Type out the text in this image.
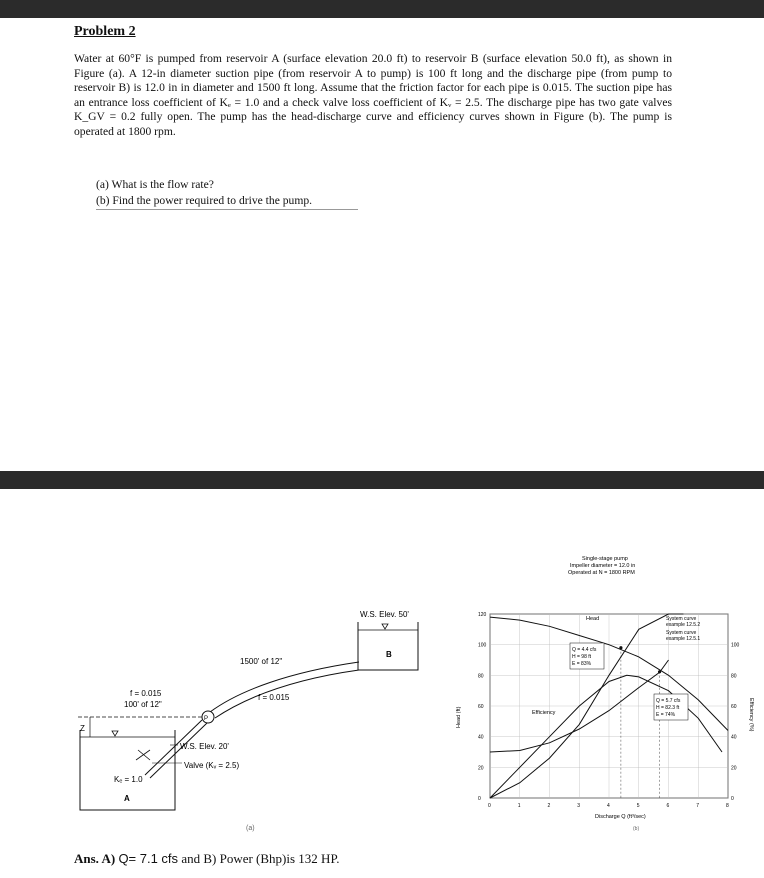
Problem 2
Water at 60°F is pumped from reservoir A (surface elevation 20.0 ft) to reservoir B (surface elevation 50.0 ft), as shown in Figure (a). A 12-in diameter suction pipe (from reservoir A to pump) is 100 ft long and the discharge pipe (from pump to reservoir B) is 12.0 in in diameter and 1500 ft long. Assume that the friction factor for each pipe is 0.015. The suction pipe has an entrance loss coefficient of Kₑ = 1.0 and a check valve loss coefficient of Kᵥ = 2.5. The discharge pipe has two gate valves K_GV = 0.2 fully open. The pump has the head-discharge curve and efficiency curves shown in Figure (b). The pump is operated at 1800 rpm.
(a) What is the flow rate?
(b) Find the power required to drive the pump.
W.S. Elev. 50'
B
1500' of 12"
f = 0.015
P
f = 0.015
100' of 12"
Z
W.S. Elev. 20'
Valve (Kᵥ = 2.5)
Kₑ = 1.0
A
(a)
Single-stage pump
Impeller diameter = 12.0 in
Operated at N = 1800 RPM
0	1	2	3	4	5	6	7	8
0
20
40
60
80
100
120
0
20
40
60
80
100
Head
Efficiency
System curve
example 12.5.2
System curve
example 12.5.1
Q = 4.4 cfs
H = 98 ft
E = 83%
Q = 5.7 cfs
H = 82.3 ft
E = 74%
Discharge Q (ft³/sec)
Head (ft)	Efficiency (%)
(b)
Ans. A) Q= 7.1 cfs and B) Power (Bhp)is 132 HP.
